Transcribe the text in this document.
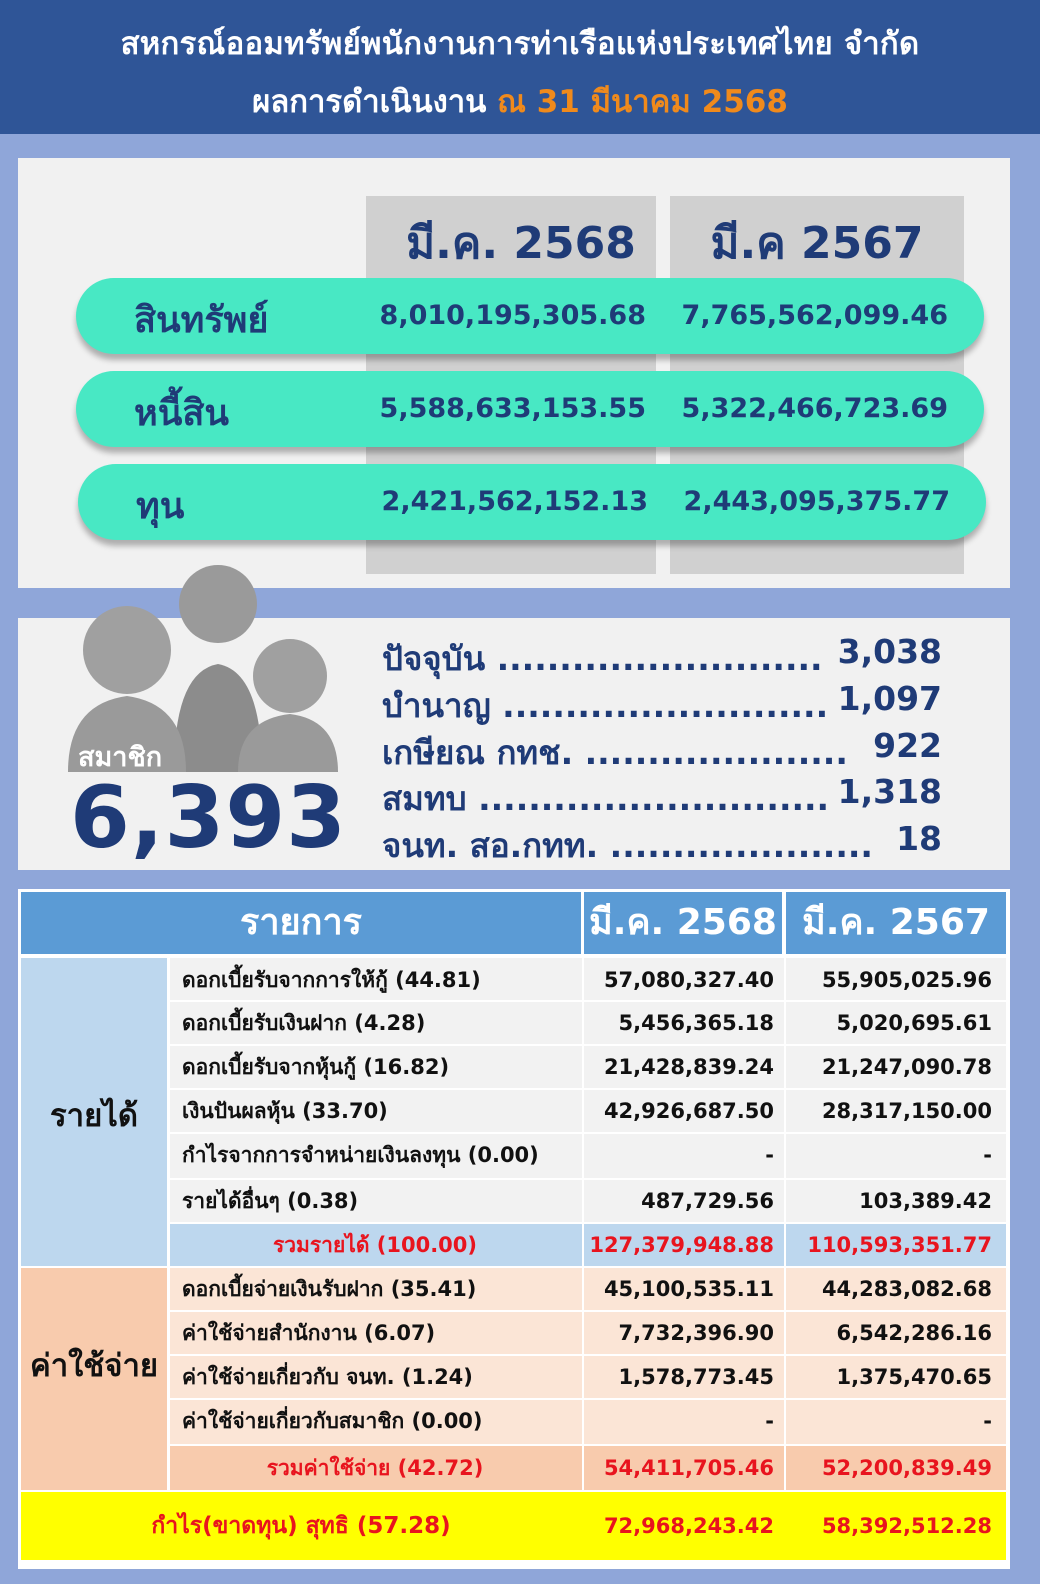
สหกรณ์ออมทรัพย์พนักงานการท่าเรือแห่งประเทศไทย จำกัด
ผลการดำเนินงาน ณ 31 มีนาคม 2568
มี.ค. 2568	มี.ค 2567
สินทรัพย์	8,010,195,305.68 7,765,562,099.46
หนี้สิน	5,588,633,153.55 5,322,466,723.69
ทุน	2,421,562,152.13 2,443,095,375.77
สมาชิก
6,393
ปัจจุบัน .......................... 3,038
บำนาญ .......................... 1,097
เกษียณ กทช. ..................... 922
สมทบ ............................ 1,318
จนท. สอ.กทท. ..................... 18
รายการ	มี.ค. 2568 มี.ค. 2567
รายได้
ค่าใช้จ่าย
ดอกเบี้ยรับจากการให้กู้ (44.81)	57,080,327.40	55,905,025.96
ดอกเบี้ยรับเงินฝาก (4.28)	5,456,365.18	5,020,695.61
ดอกเบี้ยรับจากหุ้นกู้ (16.82)	21,428,839.24	21,247,090.78
เงินปันผลหุ้น (33.70)	42,926,687.50	28,317,150.00
กำไรจากการจำหน่ายเงินลงทุน (0.00)	-	-
รายได้อื่นๆ (0.38)	487,729.56	103,389.42
รวมรายได้ (100.00)	127,379,948.88	110,593,351.77
ดอกเบี้ยจ่ายเงินรับฝาก (35.41)	45,100,535.11	44,283,082.68
ค่าใช้จ่ายสำนักงาน (6.07)	7,732,396.90	6,542,286.16
ค่าใช้จ่ายเกี่ยวกับ จนท. (1.24)	1,578,773.45	1,375,470.65
ค่าใช้จ่ายเกี่ยวกับสมาชิก (0.00)	-	-
รวมค่าใช้จ่าย (42.72)	54,411,705.46	52,200,839.49
กำไร(ขาดทุน) สุทธิ (57.28)	72,968,243.42	58,392,512.28
